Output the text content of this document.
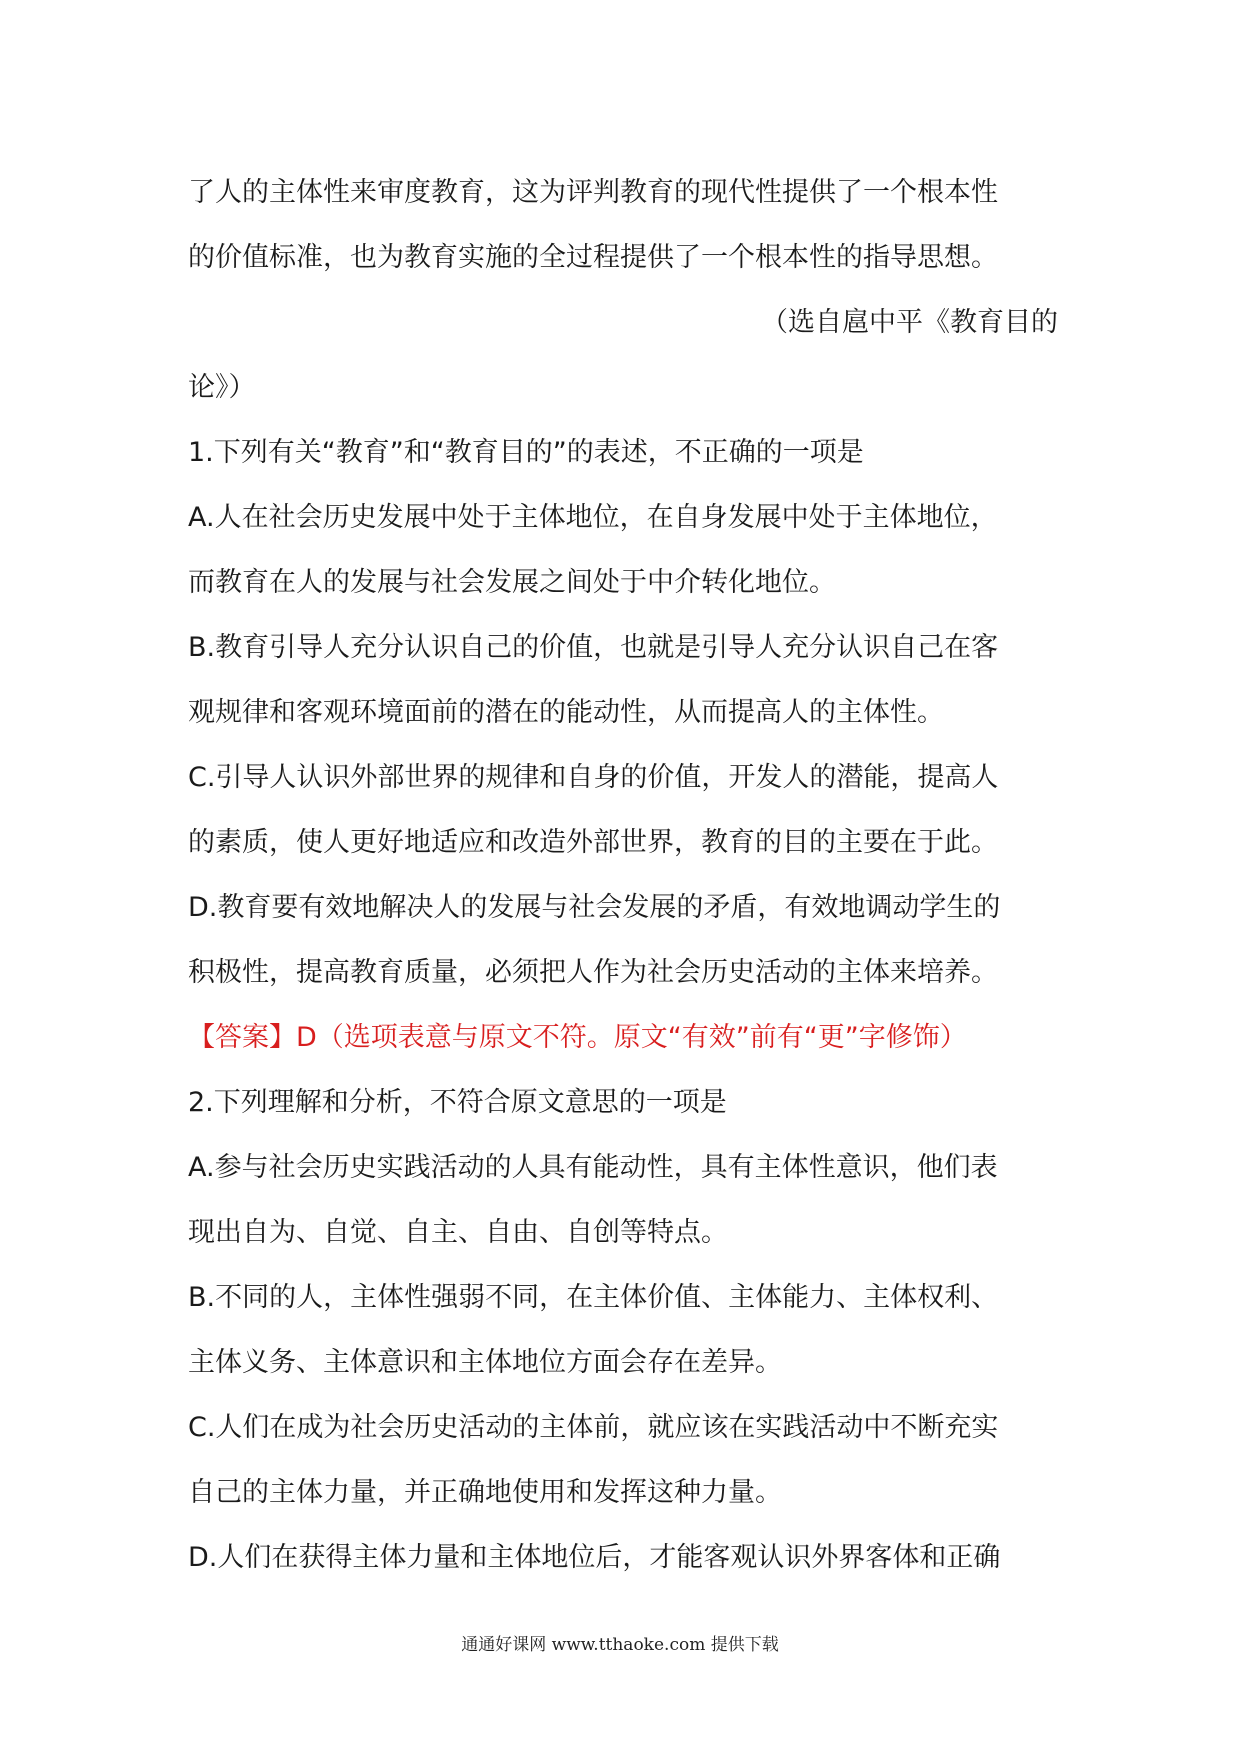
了人的主体性来审度教育，这为评判教育的现代性提供了一个根本性
的价值标准，也为教育实施的全过程提供了一个根本性的指导思想。
（选自扈中平《教育目的
论》）
1.下列有关“教育”和“教育目的”的表述，不正确的一项是
A.人在社会历史发展中处于主体地位，在自身发展中处于主体地位，
而教育在人的发展与社会发展之间处于中介转化地位。
B.教育引导人充分认识自己的价值，也就是引导人充分认识自己在客
观规律和客观环境面前的潜在的能动性，从而提高人的主体性。
C.引导人认识外部世界的规律和自身的价值，开发人的潜能，提高人
的素质，使人更好地适应和改造外部世界，教育的目的主要在于此。
D.教育要有效地解决人的发展与社会发展的矛盾，有效地调动学生的
积极性，提高教育质量，必须把人作为社会历史活动的主体来培养。
【答案】D（选项表意与原文不符。原文“有效”前有“更”字修饰）
2.下列理解和分析，不符合原文意思的一项是
A.参与社会历史实践活动的人具有能动性，具有主体性意识，他们表
现出自为、自觉、自主、自由、自创等特点。
B.不同的人，主体性强弱不同，在主体价值、主体能力、主体权利、
主体义务、主体意识和主体地位方面会存在差异。
C.人们在成为社会历史活动的主体前，就应该在实践活动中不断充实
自己的主体力量，并正确地使用和发挥这种力量。
D.人们在获得主体力量和主体地位后，才能客观认识外界客体和正确
通通好课网 www.tthaoke.com 提供下载
